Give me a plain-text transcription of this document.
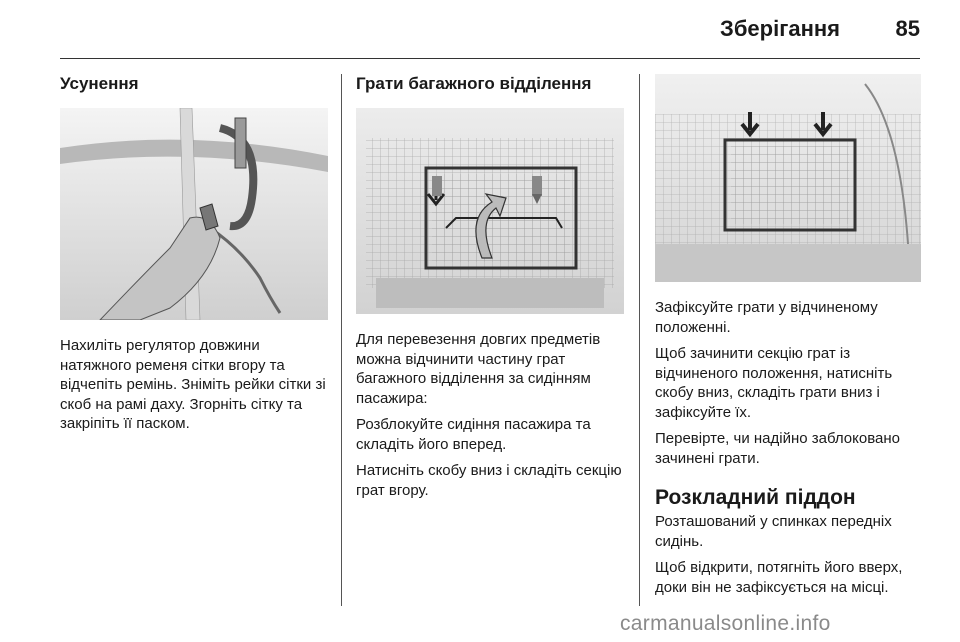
Зберігання	85
Усунення

Нахиліть регулятор довжини натяжного ременя сітки вгору та відчепіть ремінь. Зніміть рейки сітки зі скоб на рамі даху. Згорніть сітку та закріпіть її паском.

Грати багажного відділення

Для перевезення довгих предметів можна відчинити частину грат багажного відділення за сидінням пасажира:

Розблокуйте сидіння пасажира та складіть його вперед.

Натисніть скобу вниз і складіть секцію грат вгору.

Зафіксуйте грати у відчиненому положенні.

Щоб зачинити секцію грат із відчиненого положення, натисніть скобу вниз, складіть грати вниз і зафіксуйте їх.

Перевірте, чи надійно заблоковано зачинені грати.

Розкладний піддон

Розташований у спинках передніх сидінь.

Щоб відкрити, потягніть його вверх, доки він не зафіксується на місці.

carmanualsonline.info
